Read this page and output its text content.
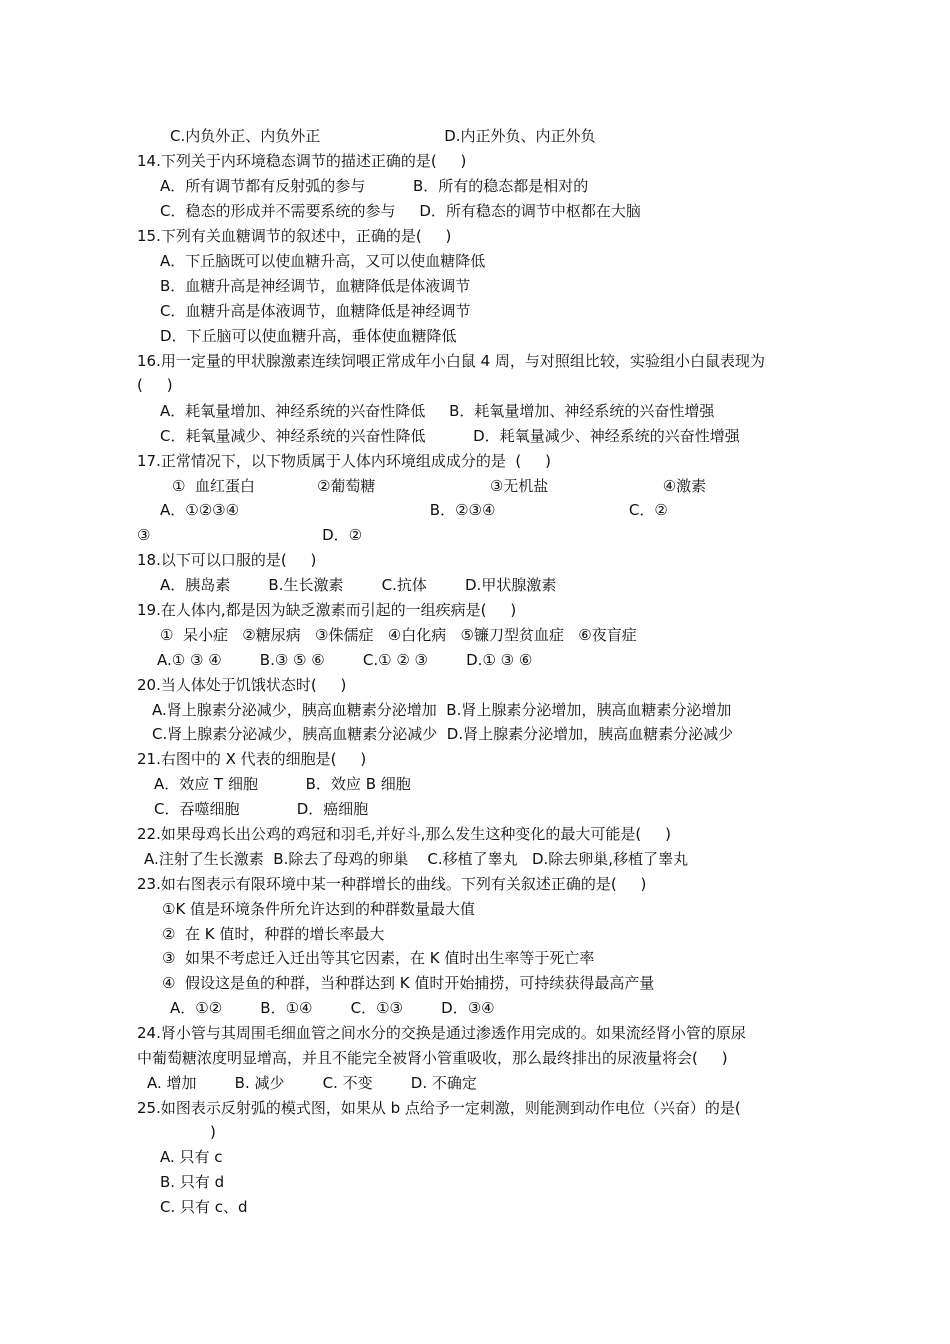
C.内负外正、内负外正                          D.内正外负、内正外负
14.下列关于内环境稳态调节的描述正确的是(     )
A．所有调节都有反射弧的参与          B．所有的稳态都是相对的
C．稳态的形成并不需要系统的参与     D．所有稳态的调节中枢都在大脑
15.下列有关血糖调节的叙述中，正确的是(     )
A．下丘脑既可以使血糖升高，又可以使血糖降低
B．血糖升高是神经调节，血糖降低是体液调节
C．血糖升高是体液调节，血糖降低是神经调节
D．下丘脑可以使血糖升高，垂体使血糖降低
16.用一定量的甲状腺激素连续饲喂正常成年小白鼠 4 周，与对照组比较，实验组小白鼠表现为
(     )
A．耗氧量增加、神经系统的兴奋性降低     B．耗氧量增加、神经系统的兴奋性增强
C．耗氧量减少、神经系统的兴奋性降低          D．耗氧量减少、神经系统的兴奋性增强
17.正常情况下，以下物质属于人体内环境组成成分的是  (     )
①  血红蛋白             ②葡萄糖                        ③无机盐                        ④激素
A．①②③④                                        B．②③④                            C．②
③                                    D．②
18.以下可以口服的是(     )
A．胰岛素        B.生长激素        C.抗体        D.甲状腺激素
19.在人体内,都是因为缺乏激素而引起的一组疾病是(     )
①  呆小症   ②糖尿病   ③侏儒症   ④白化病   ⑤镰刀型贫血症   ⑥夜盲症
A.① ③ ④        B.③ ⑤ ⑥        C.① ② ③        D.① ③ ⑥
20.当人体处于饥饿状态时(     )
A.肾上腺素分泌减少，胰高血糖素分泌增加  B.肾上腺素分泌增加，胰高血糖素分泌增加
C.肾上腺素分泌减少，胰高血糖素分泌减少  D.肾上腺素分泌增加，胰高血糖素分泌减少
21.右图中的 X 代表的细胞是(     )
A．效应 T 细胞          B．效应 B 细胞
C．吞噬细胞            D．癌细胞
22.如果母鸡长出公鸡的鸡冠和羽毛,并好斗,那么发生这种变化的最大可能是(     )
A.注射了生长激素  B.除去了母鸡的卵巢    C.移植了睾丸   D.除去卵巢,移植了睾丸
23.如右图表示有限环境中某一种群增长的曲线。下列有关叙述正确的是(     )
①K 值是环境条件所允许达到的种群数量最大值
②  在 K 值时，种群的增长率最大
③  如果不考虑迁入迁出等其它因素，在 K 值时出生率等于死亡率
④  假设这是鱼的种群，当种群达到 K 值时开始捕捞，可持续获得最高产量
A．①②        B．①④        C．①③        D．③④
24.肾小管与其周围毛细血管之间水分的交换是通过渗透作用完成的。如果流经肾小管的原尿
中葡萄糖浓度明显增高，并且不能完全被肾小管重吸收，那么最终排出的尿液量将会(     )
A. 增加        B. 减少        C. 不变        D. 不确定
25.如图表示反射弧的模式图，如果从 b 点给予一定刺激，则能测到动作电位（兴奋）的是(
)
A. 只有 c
B. 只有 d
C. 只有 c、d
